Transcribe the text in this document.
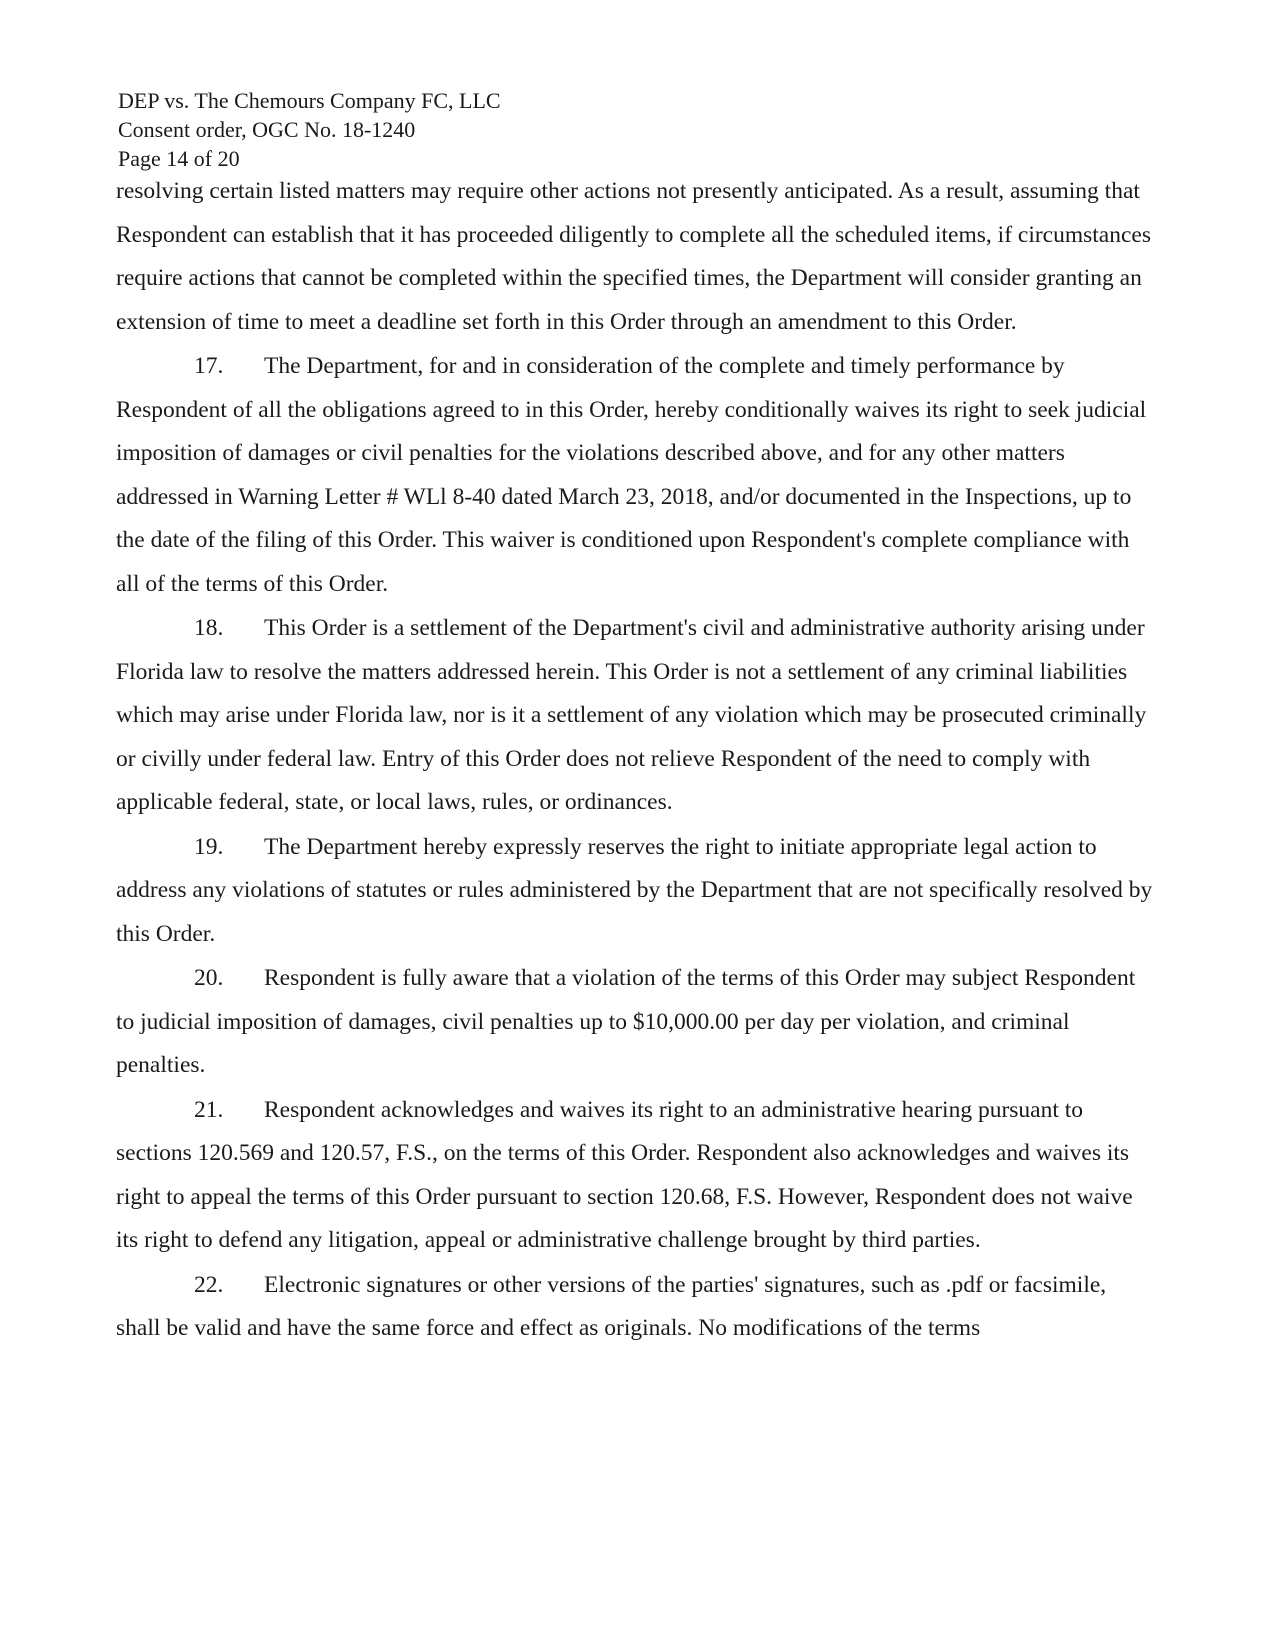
DEP vs. The Chemours Company FC, LLC
Consent order, OGC No. 18-1240
Page 14 of 20

resolving certain listed matters may require other actions not presently anticipated. As a result, assuming that Respondent can establish that it has proceeded diligently to complete all the scheduled items, if circumstances require actions that cannot be completed within the specified times, the Department will consider granting an extension of time to meet a deadline set forth in this Order through an amendment to this Order.

17. The Department, for and in consideration of the complete and timely performance by Respondent of all the obligations agreed to in this Order, hereby conditionally waives its right to seek judicial imposition of damages or civil penalties for the violations described above, and for any other matters addressed in Warning Letter # WLl 8-40 dated March 23, 2018, and/or documented in the Inspections, up to the date of the filing of this Order. This waiver is conditioned upon Respondent's complete compliance with all of the terms of this Order.

18. This Order is a settlement of the Department's civil and administrative authority arising under Florida law to resolve the matters addressed herein. This Order is not a settlement of any criminal liabilities which may arise under Florida law, nor is it a settlement of any violation which may be prosecuted criminally or civilly under federal law. Entry of this Order does not relieve Respondent of the need to comply with applicable federal, state, or local laws, rules, or ordinances.

19. The Department hereby expressly reserves the right to initiate appropriate legal action to address any violations of statutes or rules administered by the Department that are not specifically resolved by this Order.

20. Respondent is fully aware that a violation of the terms of this Order may subject Respondent to judicial imposition of damages, civil penalties up to $10,000.00 per day per violation, and criminal penalties.

21. Respondent acknowledges and waives its right to an administrative hearing pursuant to sections 120.569 and 120.57, F.S., on the terms of this Order. Respondent also acknowledges and waives its right to appeal the terms of this Order pursuant to section 120.68, F.S. However, Respondent does not waive its right to defend any litigation, appeal or administrative challenge brought by third parties.

22. Electronic signatures or other versions of the parties' signatures, such as .pdf or facsimile, shall be valid and have the same force and effect as originals. No modifications of the terms
